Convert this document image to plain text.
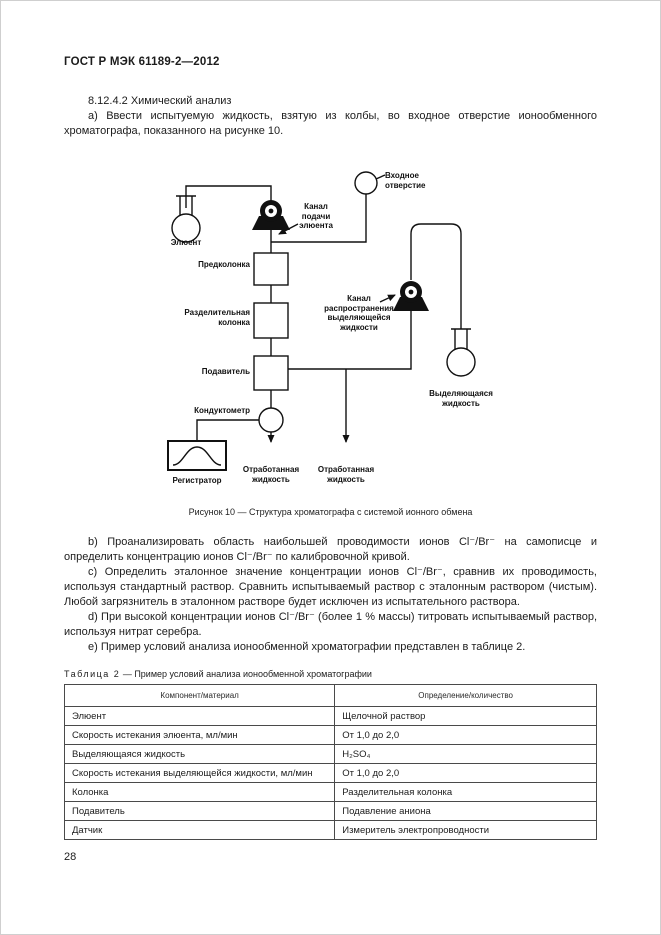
ГОСТ Р МЭК 61189-2—2012

8.12.4.2 Химический анализ

а) Ввести испытуемую жидкость, взятую из колбы, во входное отверстие ионообменного хроматографа, показанного на рисунке 10.

Элюент
Входное отверстие
Канал подачи элюента
Предколонка
Разделительная колонка
Канал распространения выделяющейся жидкости
Подавитель
Выделяющаяся жидкость
Кондуктометр
Регистратор
Отработанная жидкость
Отработанная жидкость
Рисунок 10 — Структура хроматографа с системой ионного обмена

b) Проанализировать область наибольшей проводимости ионов Cl⁻/Br⁻ на самописце и определить концентрацию ионов Cl⁻/Br⁻ по калибровочной кривой.

с) Определить эталонное значение концентрации ионов Cl⁻/Br⁻, сравнив их проводимость, используя стандартный раствор. Сравнить испытываемый раствор с эталонным раствором (чистым). Любой загрязнитель в эталонном растворе будет исключен из испытательного раствора.

d) При высокой концентрации ионов Cl⁻/Br⁻ (более 1 % массы) титровать испытываемый раствор, используя нитрат серебра.

е) Пример условий анализа ионообменной хроматографии представлен в таблице 2.

Таблица 2 — Пример условий анализа ионообменной хроматографии
Компонент/материал	Определение/количество
Элюент	Щелочной раствор
Скорость истекания элюента, мл/мин	От 1,0 до 2,0
Выделяющаяся жидкость	H₂SO₄
Скорость истекания выделяющейся жидкости, мл/мин	От 1,0 до 2,0
Колонка	Разделительная колонка
Подавитель	Подавление аниона
Датчик	Измеритель электропроводности
28
